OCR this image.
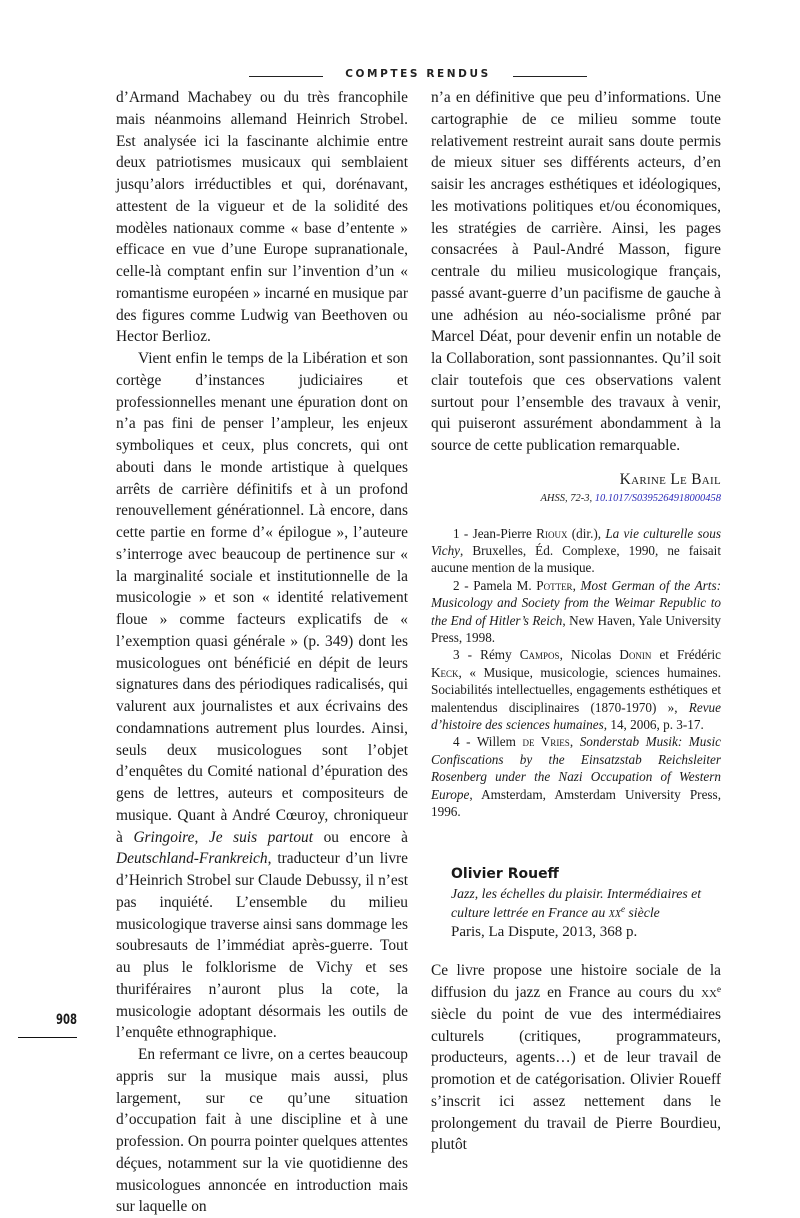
COMPTES RENDUS

d’Armand Machabey ou du très francophile mais néanmoins allemand Heinrich Strobel. Est analysée ici la fascinante alchimie entre deux patriotismes musicaux qui semblaient jusqu’alors irréductibles et qui, dorénavant, attestent de la vigueur et de la solidité des modèles nationaux comme « base d’entente » efficace en vue d’une Europe supranationale, celle-là comptant enfin sur l’invention d’un « romantisme européen » incarné en musique par des figures comme Ludwig van Beethoven ou Hector Berlioz.

Vient enfin le temps de la Libération et son cortège d’instances judiciaires et professionnelles menant une épuration dont on n’a pas fini de penser l’ampleur, les enjeux symboliques et ceux, plus concrets, qui ont abouti dans le monde artistique à quelques arrêts de carrière définitifs et à un profond renouvellement générationnel. Là encore, dans cette partie en forme d’« épilogue », l’auteure s’interroge avec beaucoup de pertinence sur « la marginalité sociale et institutionnelle de la musicologie » et son « identité relativement floue » comme facteurs explicatifs de « l’exemption quasi générale » (p. 349) dont les musicologues ont bénéficié en dépit de leurs signatures dans des périodiques radicalisés, qui valurent aux journalistes et aux écrivains des condamnations autrement plus lourdes. Ainsi, seuls deux musicologues sont l’objet d’enquêtes du Comité national d’épuration des gens de lettres, auteurs et compositeurs de musique. Quant à André Cœuroy, chroniqueur à Gringoire, Je suis partout ou encore à Deutschland-Frankreich, traducteur d’un livre d’Heinrich Strobel sur Claude Debussy, il n’est pas inquiété. L’ensemble du milieu musicologique traverse ainsi sans dommage les soubresauts de l’immédiat après-guerre. Tout au plus le folklorisme de Vichy et ses thuriféraires n’auront plus la cote, la musicologie adoptant désormais les outils de l’enquête ethnographique.

En refermant ce livre, on a certes beaucoup appris sur la musique mais aussi, plus largement, sur ce qu’une situation d’occupation fait à une discipline et à une profession. On pourra pointer quelques attentes déçues, notamment sur la vie quotidienne des musicologues annoncée en introduction mais sur laquelle on

n’a en définitive que peu d’informations. Une cartographie de ce milieu somme toute relativement restreint aurait sans doute permis de mieux situer ses différents acteurs, d’en saisir les ancrages esthétiques et idéologiques, les motivations politiques et/ou économiques, les stratégies de carrière. Ainsi, les pages consacrées à Paul-André Masson, figure centrale du milieu musicologique français, passé avant-guerre d’un pacifisme de gauche à une adhésion au néo-socialisme prôné par Marcel Déat, pour devenir enfin un notable de la Collaboration, sont passionnantes. Qu’il soit clair toutefois que ces observations valent surtout pour l’ensemble des travaux à venir, qui puiseront assurément abondamment à la source de cette publication remarquable.

Karine Le Bail
AHSS, 72-3, 10.1017/S0395264918000458

1 - Jean-Pierre Rioux (dir.), La vie culturelle sous Vichy, Bruxelles, Éd. Complexe, 1990, ne faisait aucune mention de la musique.

2 - Pamela M. Potter, Most German of the Arts: Musicology and Society from the Weimar Republic to the End of Hitler’s Reich, New Haven, Yale University Press, 1998.

3 - Rémy Campos, Nicolas Donin et Frédéric Keck, « Musique, musicologie, sciences humaines. Sociabilités intellectuelles, engagements esthétiques et malentendus disciplinaires (1870-1970) », Revue d’histoire des sciences humaines, 14, 2006, p. 3-17.

4 - Willem de Vries, Sonderstab Musik: Music Confiscations by the Einsatzstab Reichsleiter Rosenberg under the Nazi Occupation of Western Europe, Amsterdam, Amsterdam University Press, 1996.

Olivier Roueff
Jazz, les échelles du plaisir. Intermédiaires et culture lettrée en France au $xx^e$ siècle
Paris, La Dispute, 2013, 368 p.

Ce livre propose une histoire sociale de la diffusion du jazz en France au cours du $xx^e$ siècle du point de vue des intermédiaires culturels (critiques, programmateurs, producteurs, agents…) et de leur travail de promotion et de catégorisation. Olivier Roueff s’inscrit ici assez nettement dans le prolongement du travail de Pierre Bourdieu, plutôt

908
